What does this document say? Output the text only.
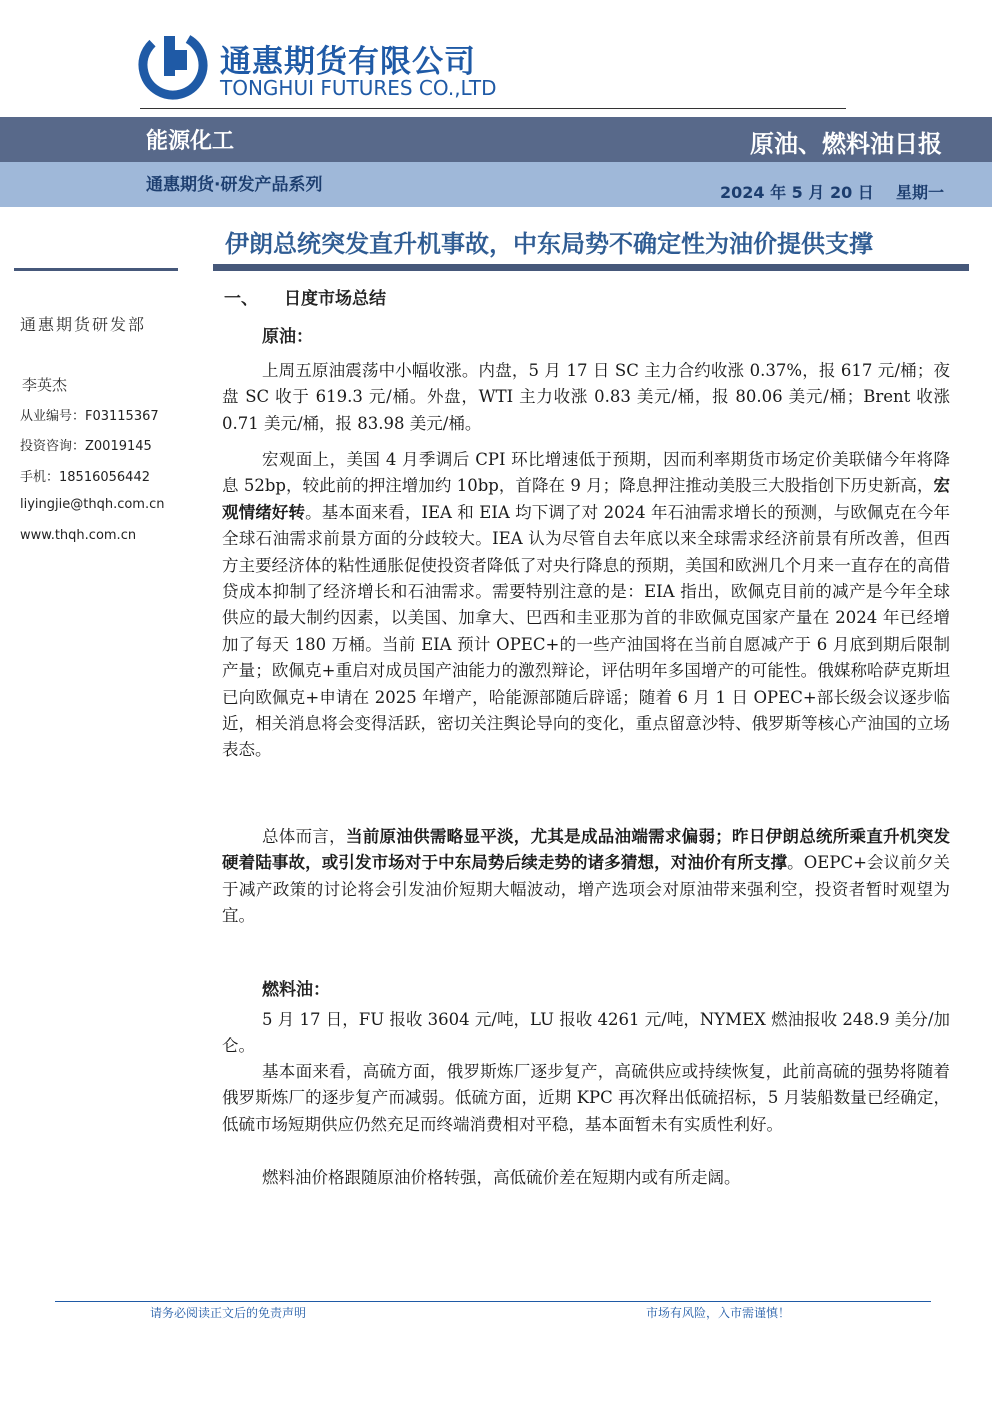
通惠期货有限公司
TONGHUI FUTURES CO.,LTD
能源化工	原油、燃料油日报
通惠期货·研发产品系列	2024 年 5 月 20 日 星期一
伊朗总统突发直升机事故，中东局势不确定性为油价提供支撑
通惠期货研发部
李英杰
从业编号：F03115367
投资咨询：Z0019145
手机：18516056442
liyingjie@thqh.com.cn
www.thqh.com.cn
一、 日度市场总结
原油：

上周五原油震荡中小幅收涨。内盘，5 月 17 日 SC 主力合约收涨 0.37%，报 617 元/桶；夜盘 SC 收于 619.3 元/桶。外盘，WTI 主力收涨 0.83 美元/桶，报 80.06 美元/桶；Brent 收涨 0.71 美元/桶，报 83.98 美元/桶。

宏观面上，美国 4 月季调后 CPI 环比增速低于预期，因而利率期货市场定价美联储今年将降息 52bp，较此前的押注增加约 10bp，首降在 9 月；降息押注推动美股三大股指创下历史新高，宏观情绪好转。基本面来看，IEA 和 EIA 均下调了对 2024 年石油需求增长的预测，与欧佩克在今年全球石油需求前景方面的分歧较大。IEA 认为尽管自去年底以来全球需求经济前景有所改善，但西方主要经济体的粘性通胀促使投资者降低了对央行降息的预期，美国和欧洲几个月来一直存在的高借贷成本抑制了经济增长和石油需求。需要特别注意的是：EIA 指出，欧佩克目前的减产是今年全球供应的最大制约因素，以美国、加拿大、巴西和圭亚那为首的非欧佩克国家产量在 2024 年已经增加了每天 180 万桶。当前 EIA 预计 OPEC+的一些产油国将在当前自愿减产于 6 月底到期后限制产量；欧佩克+重启对成员国产油能力的激烈辩论，评估明年多国增产的可能性。俄媒称哈萨克斯坦已向欧佩克+申请在 2025 年增产，哈能源部随后辟谣；随着 6 月 1 日 OPEC+部长级会议逐步临近，相关消息将会变得活跃，密切关注舆论导向的变化，重点留意沙特、俄罗斯等核心产油国的立场表态。

总体而言，当前原油供需略显平淡，尤其是成品油端需求偏弱；昨日伊朗总统所乘直升机突发硬着陆事故，或引发市场对于中东局势后续走势的诸多猜想，对油价有所支撑。OEPC+会议前夕关于减产政策的讨论将会引发油价短期大幅波动，增产选项会对原油带来强利空，投资者暂时观望为宜。

燃料油：

5 月 17 日，FU 报收 3604 元/吨，LU 报收 4261 元/吨，NYMEX 燃油报收 248.9 美分/加仑。

基本面来看，高硫方面，俄罗斯炼厂逐步复产，高硫供应或持续恢复，此前高硫的强势将随着俄罗斯炼厂的逐步复产而减弱。低硫方面，近期 KPC 再次释出低硫招标，5 月装船数量已经确定，低硫市场短期供应仍然充足而终端消费相对平稳，基本面暂未有实质性利好。

燃料油价格跟随原油价格转强，高低硫价差在短期内或有所走阔。

请务必阅读正文后的免责声明	市场有风险，入市需谨慎！
